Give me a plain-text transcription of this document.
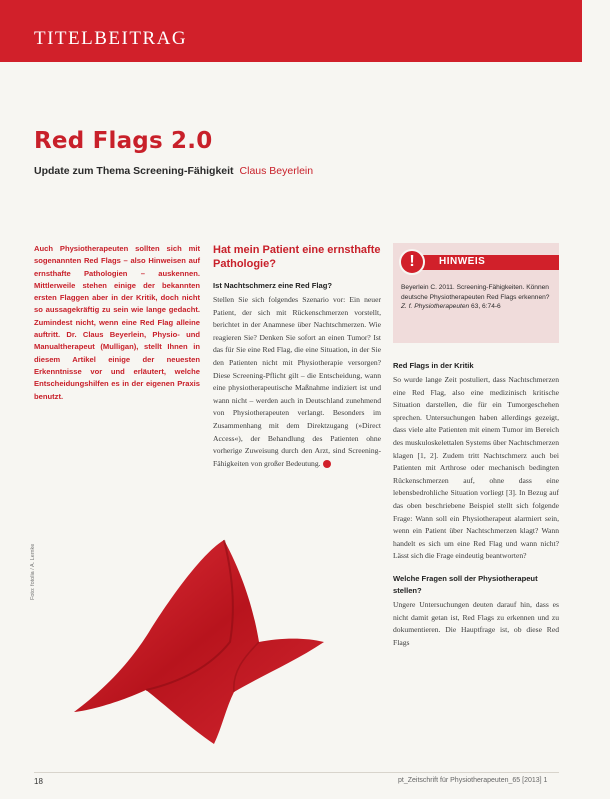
TITELBEITRAG
Red Flags 2.0
Update zum Thema Screening-Fähigkeit Claus Beyerlein
Auch Physiotherapeuten sollten sich mit sogenannten Red Flags – also Hinweisen auf ernsthafte Pathologien – auskennen. Mittlerweile stehen einige der bekannten ersten Flaggen aber in der Kritik, doch nicht so aussagekräftig zu sein wie lange gedacht. Zumindest nicht, wenn eine Red Flag alleine auftritt. Dr. Claus Beyerlein, Physio- und Manualtherapeut (Mulligan), stellt Ihnen in diesem Artikel einige der neuesten Erkenntnisse vor und erläutert, welche Entscheidungshilfen es in der eigenen Praxis benutzt.
Hat mein Patient eine ernsthafte Pathologie?
Ist Nachtschmerz eine Red Flag?

Stellen Sie sich folgendes Szenario vor: Ein neuer Patient, der sich mit Rückenschmerzen vorstellt, berichtet in der Anamnese über Nachtschmerzen. Wie reagieren Sie? Denken Sie sofort an einen Tumor? Ist das für Sie eine Red Flag, die eine Situation, in der Sie den Patienten nicht mit Physiotherapie versorgen? Diese Screening-Pflicht gilt – die Entscheidung, wann eine physiotherapeutische Maßnahme indiziert ist und wann nicht – werden auch in Deutschland zunehmend von Physiotherapeuten verlangt. Besonders im Zusammenhang mit dem Direktzugang (»Direct Access«), der Behandlung des Patienten ohne vorherige Zuweisung durch den Arzt, sind Screening-Fähigkeiten von großer Bedeutung.

!	HINWEIS
Beyerlein C. 2011. Screening-Fähigkeiten. Können deutsche Physiotherapeuten Red Flags erkennen? Z. f. Physiotherapeuten 63, 6:74-6
Red Flags in der Kritik

So wurde lange Zeit postuliert, dass Nachtschmerzen eine Red Flag, also eine medizinisch kritische Situation darstellen, die für ein Tumorgeschehen sprechen. Untersuchungen haben allerdings gezeigt, dass viele alte Patienten mit einem Tumor im Bereich des muskuloskelettalen Systems über Nachtschmerzen klagen [1, 2]. Zudem tritt Nachtschmerz auch bei Patienten mit Arthrose oder mechanisch bedingten Rückenschmerzen auf, ohne dass eine lebensbedrohliche Situation vorliegt [3]. In Bezug auf das oben beschriebene Beispiel stellt sich folgende Frage: Wann soll ein Physiotherapeut alarmiert sein, wenn ein Patient über Nachtschmerzen klagt? Wann handelt es sich um eine Red Flag und wann nicht? Lässt sich die Frage eindeutig beantworten?

Welche Fragen soll der Physiotherapeut stellen?

Ungere Untersuchungen deuten darauf hin, dass es nicht damit getan ist, Red Flags zu erkennen und zu dokumentieren. Die Hauptfrage ist, ob diese Red Flags

Foto: fotolia / A. Lemke
18	pt_Zeitschrift für Physiotherapeuten_65 [2013] 1
